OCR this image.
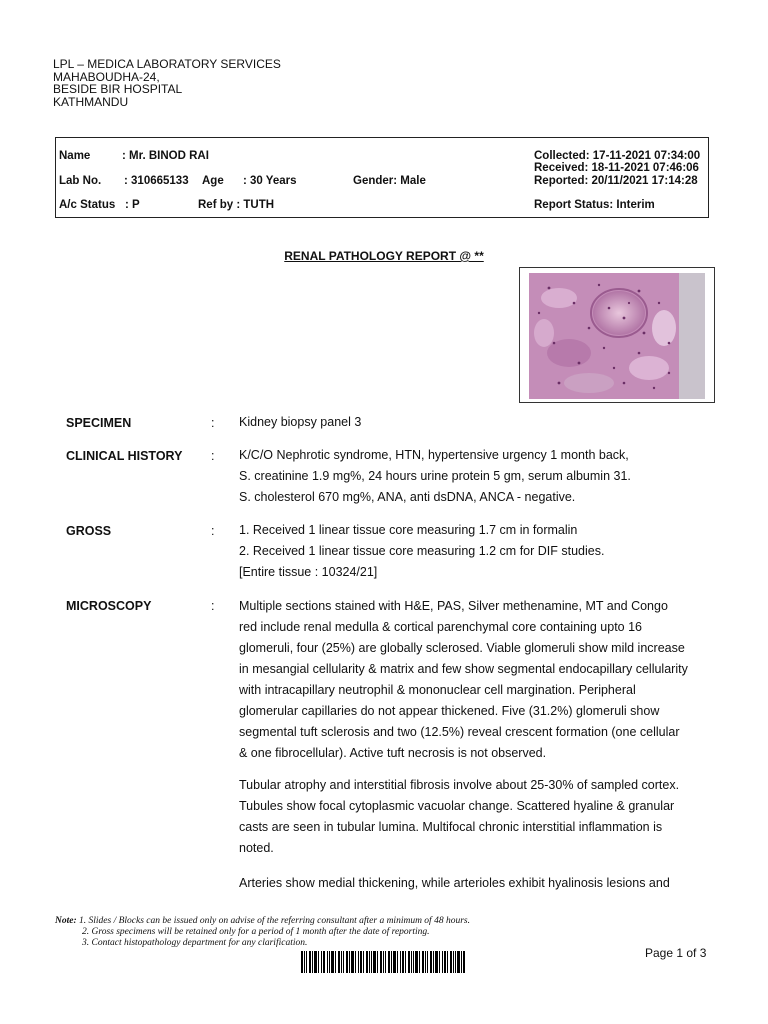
LPL – MEDICA LABORATORY SERVICES
MAHABOUDHA-24,
BESIDE BIR HOSPITAL
KATHMANDU
Name	: Mr. BINOD RAI
Lab No. : 310665133 Age : 30 Years	Gender: Male
A/c Status : P	Ref by : TUTH
Collected: 17-11-2021 07:34:00
Received: 18-11-2021 07:46:06
Reported: 20/11/2021 17:14:28
Report Status: Interim
RENAL PATHOLOGY REPORT @ **
SPECIMEN	: Kidney biopsy panel 3
CLINICAL HISTORY : K/C/O Nephrotic syndrome, HTN, hypertensive urgency 1 month back,
S. creatinine 1.9 mg%, 24 hours urine protein 5 gm, serum albumin 31.
S. cholesterol 670 mg%, ANA, anti dsDNA, ANCA - negative.
GROSS	: 1. Received 1 linear tissue core measuring 1.7 cm in formalin
2. Received 1 linear tissue core measuring 1.2 cm for DIF studies.
[Entire tissue : 10324/21]
MICROSCOPY	: Multiple sections stained with H&E, PAS, Silver methenamine, MT and Congo
red include renal medulla & cortical parenchymal core containing upto 16
glomeruli, four (25%) are globally sclerosed. Viable glomeruli show mild increase
in mesangial cellularity & matrix and few show segmental endocapillary cellularity
with intracapillary neutrophil & mononuclear cell margination. Peripheral
glomerular capillaries do not appear thickened. Five (31.2%) glomeruli show
segmental tuft sclerosis and two (12.5%) reveal crescent formation (one cellular
& one fibrocellular). Active tuft necrosis is not observed.
Tubular atrophy and interstitial fibrosis involve about 25-30% of sampled cortex.
Tubules show focal cytoplasmic vacuolar change. Scattered hyaline & granular
casts are seen in tubular lumina. Multifocal chronic interstitial inflammation is
noted.
Arteries show medial thickening, while arterioles exhibit hyalinosis lesions and
Note: 1. Slides / Blocks can be issued only on advise of the referring consultant after a minimum of 48 hours.
2. Gross specimens will be retained only for a period of 1 month after the date of reporting.
3. Contact histopathology department for any clarification.
Page 1 of 3
